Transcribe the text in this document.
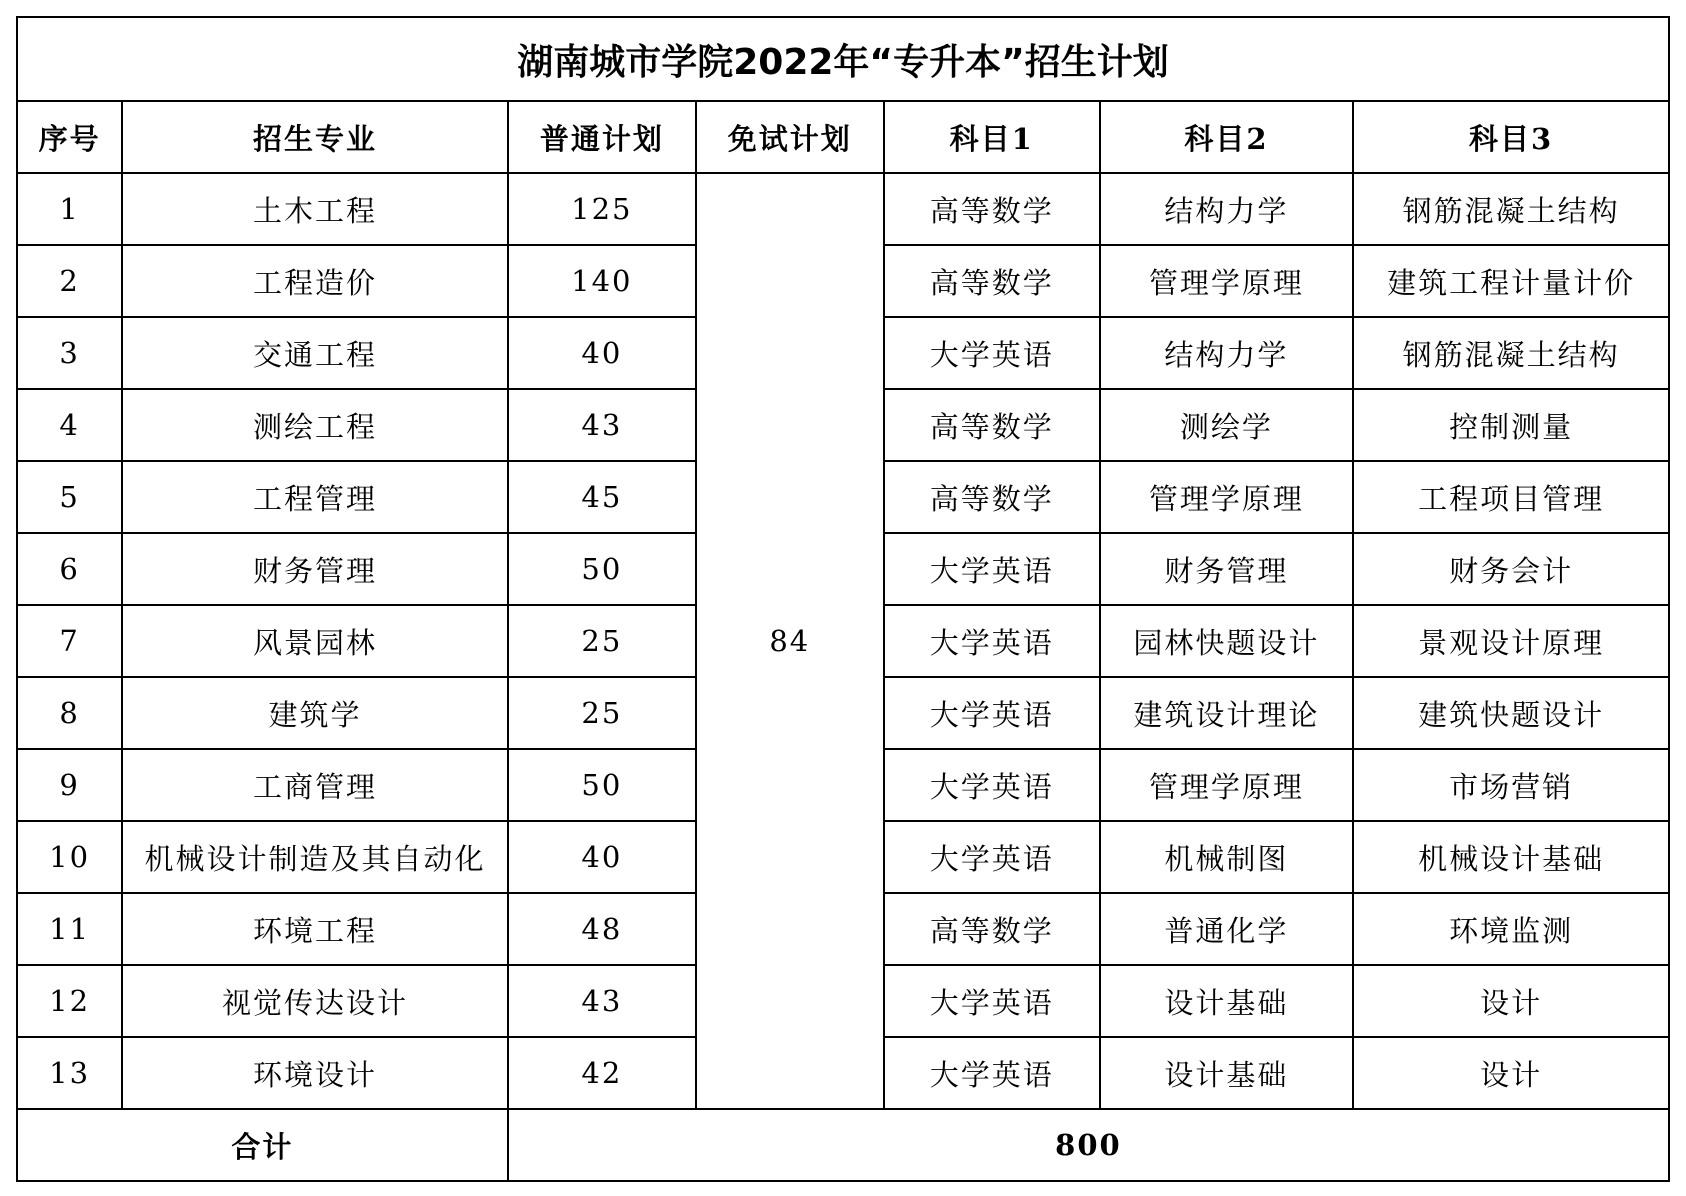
湖南城市学院2022年“专升本”招生计划						
序号	招生专业	普通计划	免试计划	科目1	科目2	科目3
1	土木工程	125	84	高等数学	结构力学	钢筋混凝土结构
2	工程造价	140		高等数学	管理学原理	建筑工程计量计价
3	交通工程	40		大学英语	结构力学	钢筋混凝土结构
4	测绘工程	43		高等数学	测绘学	控制测量
5	工程管理	45		高等数学	管理学原理	工程项目管理
6	财务管理	50		大学英语	财务管理	财务会计
7	风景园林	25		大学英语	园林快题设计	景观设计原理
8	建筑学	25		大学英语	建筑设计理论	建筑快题设计
9	工商管理	50		大学英语	管理学原理	市场营销
10	机械设计制造及其自动化	40		大学英语	机械制图	机械设计基础
11	环境工程	48		高等数学	普通化学	环境监测
12	视觉传达设计	43		大学英语	设计基础	设计
13	环境设计	42		大学英语	设计基础	设计
合计		800				
